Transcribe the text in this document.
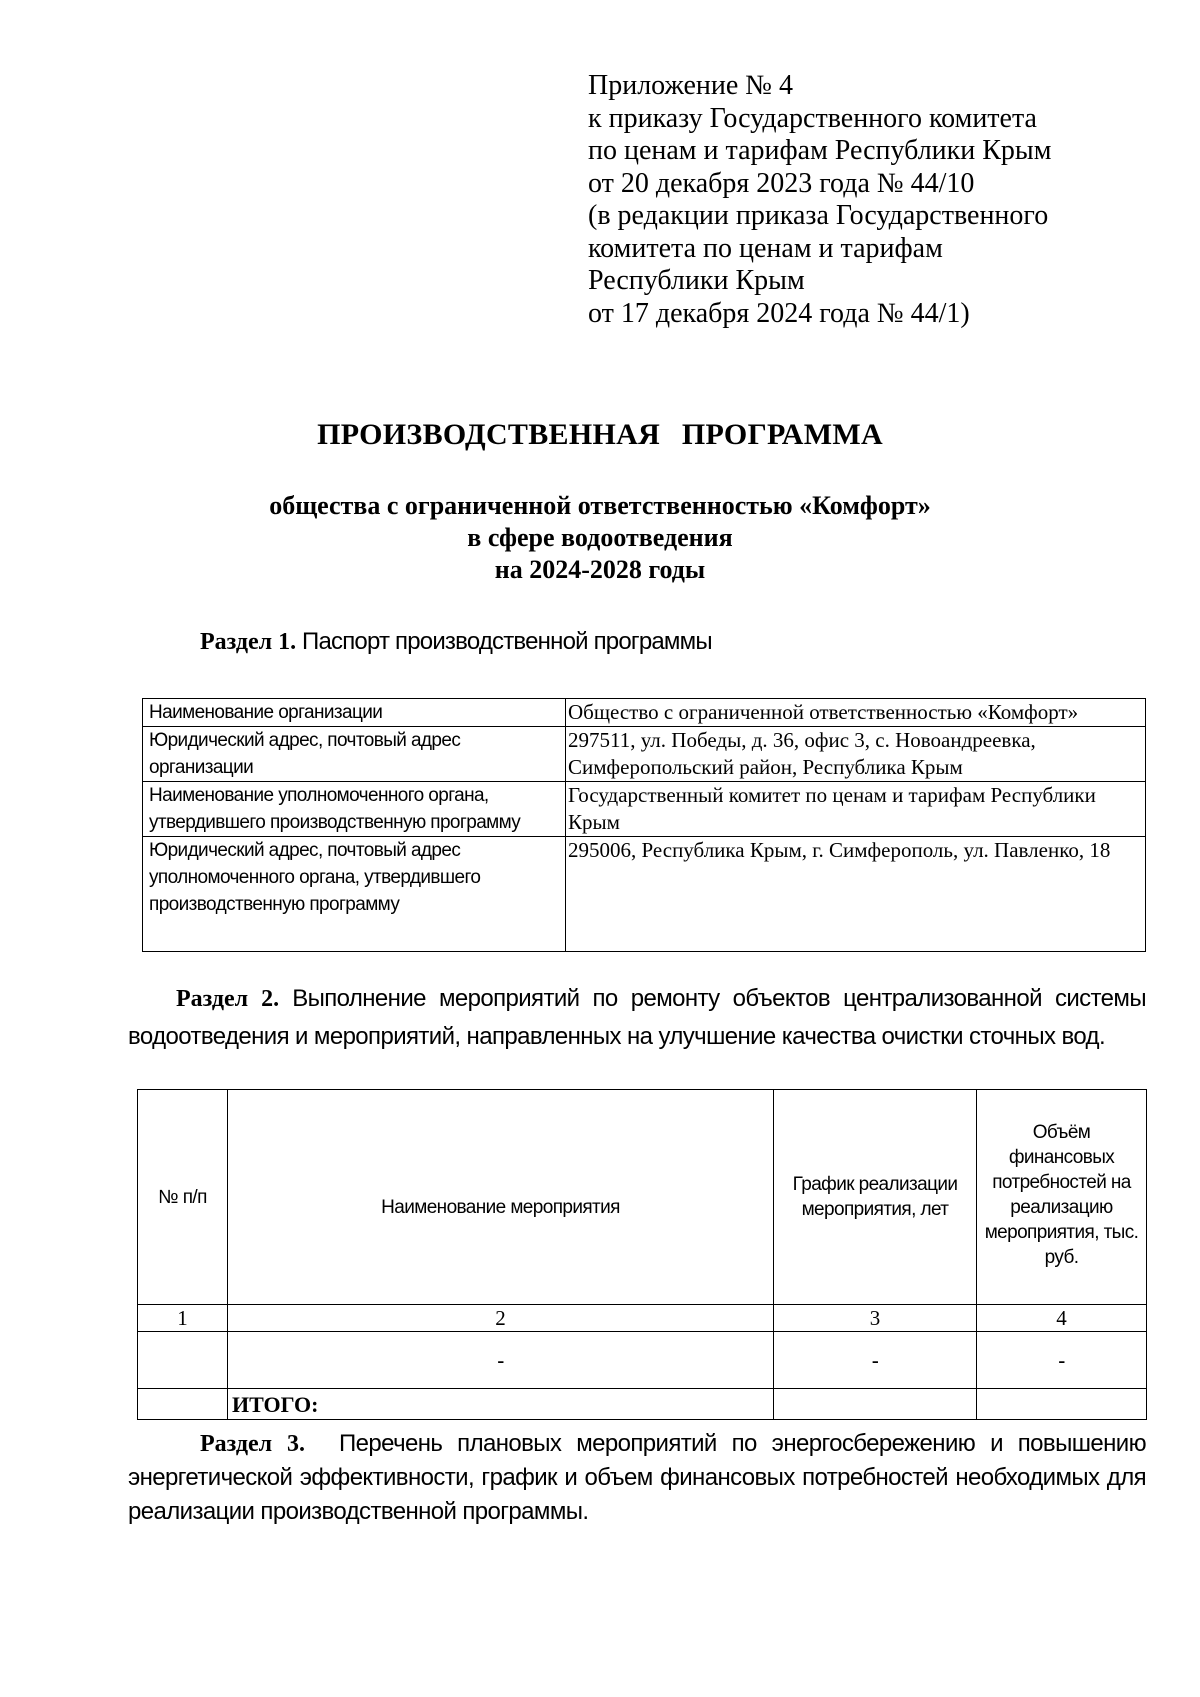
Приложение № 4
к приказу Государственного комитета
по ценам и тарифам Республики Крым
от 20 декабря 2023 года № 44/10
(в редакции приказа Государственного
комитета по ценам и тарифам
Республики Крым
от 17 декабря 2024 года № 44/1)
ПРОИЗВОДСТВЕННАЯ ПРОГРАММА
общества с ограниченной ответственностью «Комфорт»
в сфере водоотведения
на 2024-2028 годы
Раздел 1. Паспорт производственной программы
Наименование организации	Общество с ограниченной ответственностью «Комфорт»
Юридический адрес, почтовый адрес организации	297511, ул. Победы, д. 36, офис 3, с. Новоандреевка, Симферопольский район, Республика Крым
Наименование уполномоченного органа, утвердившего производственную программу	Государственный комитет по ценам и тарифам Республики Крым
Юридический адрес, почтовый адрес уполномоченного органа, утвердившего производственную программу	295006, Республика Крым, г. Симферополь, ул. Павленко, 18
Раздел 2. Выполнение мероприятий по ремонту объектов централизованной системы водоотведения и мероприятий, направленных на улучшение качества очистки сточных вод.
№ п/п	Наименование мероприятия	График реализации мероприятия, лет	Объём финансовых потребностей на реализацию мероприятия, тыс. руб.
1	2	3	4
	-	-	-
	ИТОГО:		
Раздел 3. Перечень плановых мероприятий по энергосбережению и повышению энергетической эффективности, график и объем финансовых потребностей необходимых для реализации производственной программы.
